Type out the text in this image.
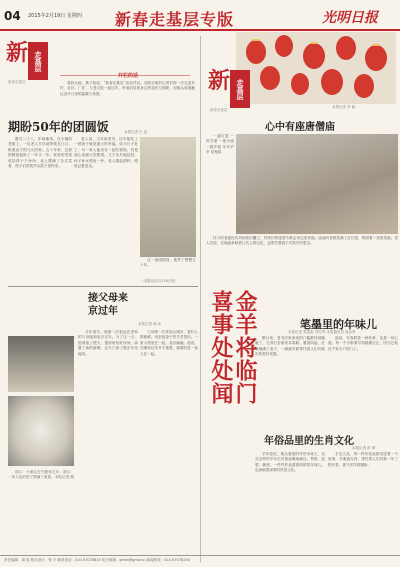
04 2015年2月19日 星期四 新春走基层专版	光明日报
新 走基层
新春走基层
开栏的话

春回大地，燕子衔泥，“新春走基层”活动开启。光明日报的记者们再一次走进乡村、社区、厂矿，与老百姓一起过年，听他们讲述身边的变化与期盼，用镜头和笔触记录节日里的温暖与希望。

期盼50年的团圆饭	本报记者 王 星

腊月二十八，年味渐浓。在小镇的老街上，一位老人早早地等候在门口，盼着远方的儿女回家。五十年来，这顿团圆饭他盼了一年又一年。家里的堂屋收拾得干干净净，桌上摆满了各式菜肴，孩子们的笑声从院子里传来。

老人说，当年家里穷，过年能吃上一顿饺子就是最大的幸福。如今日子好了，可一家人能坐在一起吃顿饭，仍是他心里最大的愿望。儿子从外地赶回，孙子孙女围坐一旁，老人端起酒杯，眼里泛着泪光。

这一桌团圆饭，他等了整整五十年。

（本报北京2月18日电）
新 走基层
新春走基层
本报记者 李 晓
心中有座唐僧庙

一盏灯笼 一份守望 一座小庙 一段乡愁 年年岁岁 花相似

村口的老庙经历风雨依旧矗立，村民们每逢春节都会来这里祈福。庙前的老树挂满了红灯笼，映照着一张张笑脸。老人们说，这座庙承载着几代人的记忆，也寄托着游子对故乡的思念。

金羊将临门
喜事处处闻
接父母来京过年
本报记者 韩 冰

图①：小朋友在外婆家过年；图②：一家人包的饺子摆满了案板。本报记者 摄

今年春节，他第一次把远在老家的父母接到北京过年。为了这一天，他准备了很久，提前收拾好房间，添置了新的被褥，还专门请了假去车站接站。

父母第一次来到大城市，看什么都新鲜。母亲包饺子的手艺依旧，一家人围坐在一起，其乐融融。他说，在哪里过年并不重要，重要的是一家人在一起。

笔墨里的年味儿
本报记者 张春雷 刘先琴 本报通讯员 周孟奉

腊月里，老书法家家里的门槛都快被踏破了，左邻右舍都来求春联。墨香四溢，红纸铺满了桌子，一副副对联寄托着人们对新年的美好祝愿。

他说，写春联是一种传承，也是一份心意。每一个字都要写得端端正正，因为它贴在千家万户的门上。

年俗品里的生肖文化
本报记者 彭 坤

羊年将至，街头巷尾的年货市场上，各式各样的羊年生肖饰品琳琅满目。剪纸、泥塑、刺绣，一件件作品透着浓浓的年味儿，也承载着深厚的民俗文化。

手艺人说，每一件年俗品都讲述着一个故事，羊寓意吉祥，寄托着人们对新一年三阳开泰、喜气洋洋的期盼。

责任编辑：周 原 版式设计：张 平 联系电话：010-67078815 电子邮箱：gmrb@gmw.cn 新闻热线：010-67078250
